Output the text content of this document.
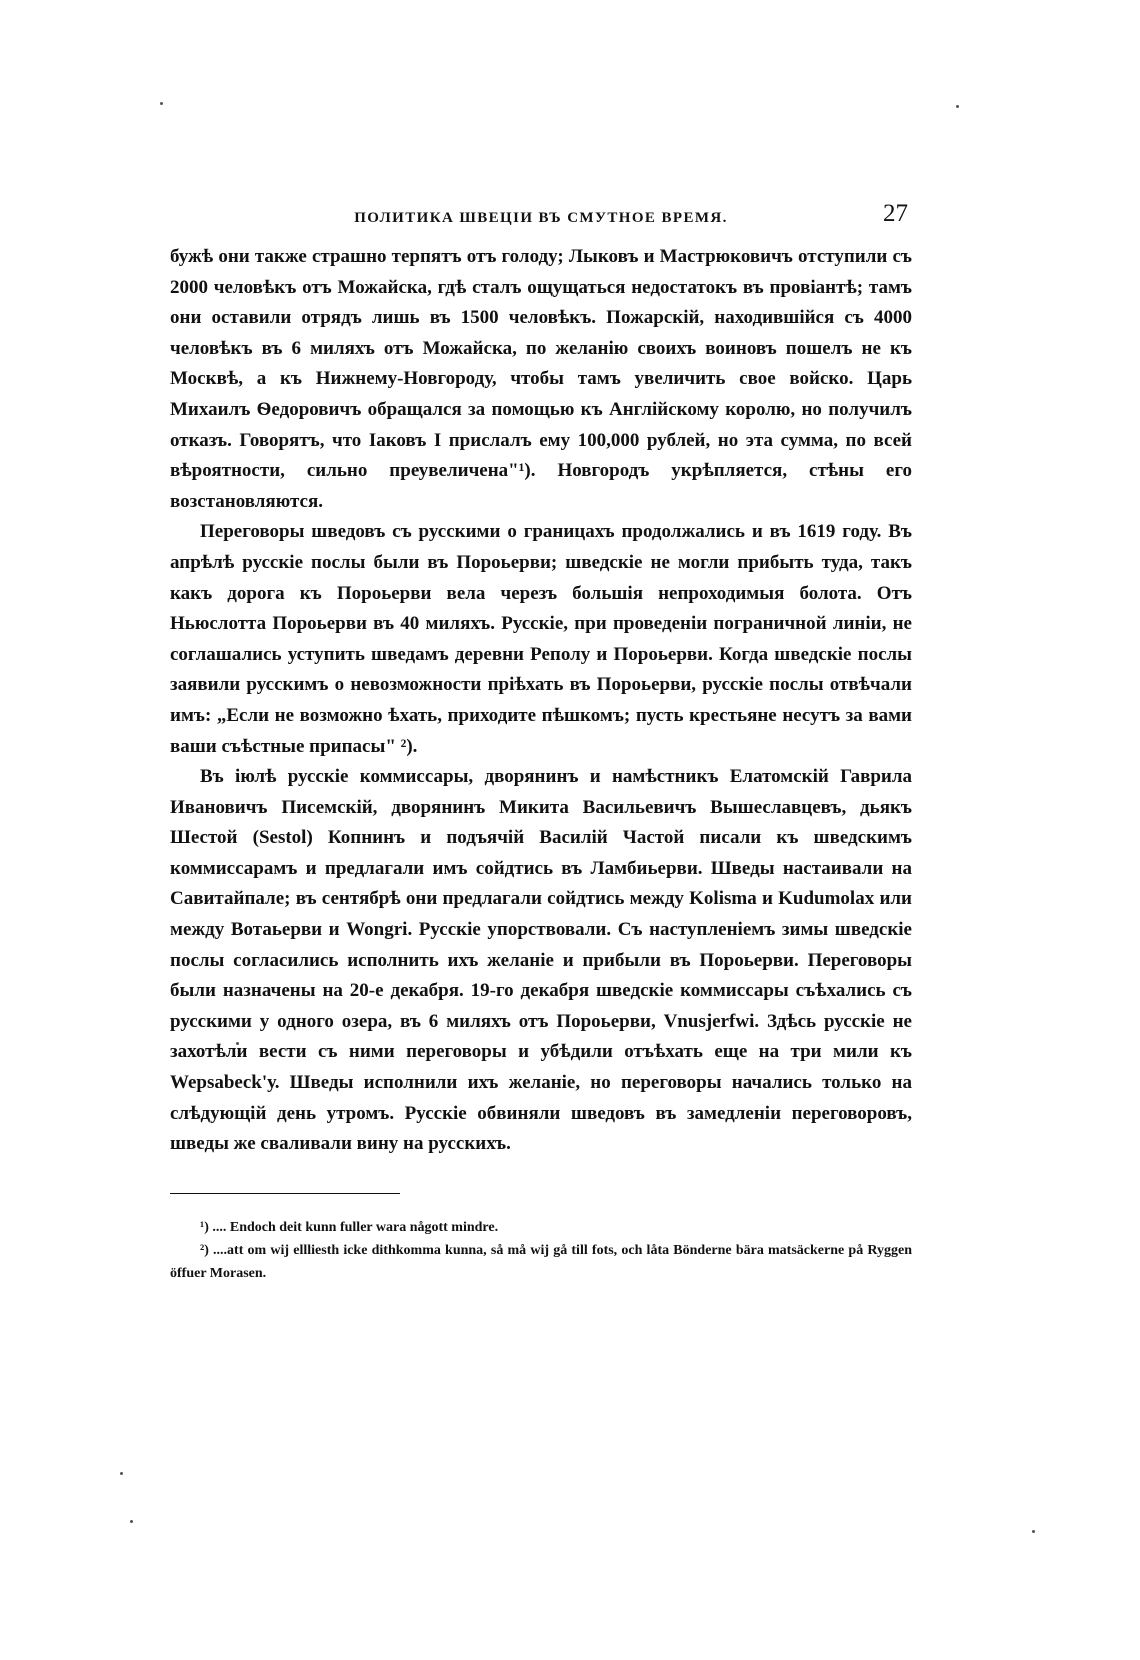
ПОЛИТИКА ШВЕЦІИ ВЪ СМУТНОЕ ВРЕМЯ.	27

бужѣ они также страшно терпятъ отъ голоду; Лыковъ и Мастрюковичъ отступили съ 2000 человѣкъ отъ Можайска, гдѣ сталъ ощущаться недостатокъ въ провіантѣ; тамъ они оставили отрядъ лишь въ 1500 человѣкъ. Пожарскій, находившійся съ 4000 человѣкъ въ 6 миляхъ отъ Можайска, по желанію своихъ воиновъ пошелъ не къ Москвѣ, а къ Нижнему-Новгороду, чтобы тамъ увеличить свое войско. Царь Михаилъ Ѳедоровичъ обращался за помощью къ Англійскому королю, но получилъ отказъ. Говорятъ, что Іаковъ I прислалъ ему 100,000 рублей, но эта сумма, по всей вѣроятности, сильно преувеличена"¹). Новгородъ укрѣпляется, стѣны его возстановляются.

Переговоры шведовъ съ русскими о границахъ продолжались и въ 1619 году. Въ апрѣлѣ русскіе послы были въ Пороьерви; шведскіе не могли прибыть туда, такъ какъ дорога къ Пороьерви вела черезъ большія непроходимыя болота. Отъ Ньюслотта Пороьерви въ 40 миляхъ. Русскіе, при проведеніи пограничной линіи, не соглашались уступить шведамъ деревни Реполу и Пороьерви. Когда шведскіе послы заявили русскимъ о невозможности пріѣхать въ Пороьерви, русскіе послы отвѣчали имъ: „Если не возможно ѣхать, приходите пѣшкомъ; пусть крестьяне несутъ за вами ваши съѣстные припасы" ²).

Въ іюлѣ русскіе коммиссары, дворянинъ и намѣстникъ Елатомскій Гаврила Ивановичъ Писемскій, дворянинъ Микита Васильевичъ Вышеславцевъ, дьякъ Шестой (Sestol) Копнинъ и подъячій Василій Частой писали къ шведскимъ коммиссарамъ и предлагали имъ сойдтись въ Ламбиьерви. Шведы настаивали на Савитайпале; въ сентябрѣ они предлагали сойдтись между Kolisma и Kudumolax или между Вотаьерви и Wongri. Русскіе упорствовали. Съ наступленіемъ зимы шведскіе послы согласились исполнить ихъ желаніе и прибыли въ Пороьерви. Переговоры были назначены на 20-е декабря. 19-го декабря шведскіе коммиссары съѣхались съ русскими у одного озера, въ 6 миляхъ отъ Пороьерви, Vnusjerfwi. Здѣсь русскіе не захотѣли вести съ ними переговоры и убѣдили отъѣхать еще на три мили къ Wepsabeck'у. Шведы исполнили ихъ желаніе, но переговоры начались только на слѣдующій день утромъ. Русскіе обвиняли шведовъ въ замедленіи переговоровъ, шведы же сваливали вину на русскихъ.

¹) .... Endoch deit kunn fuller wara någott mindre.

²) ....att om wij ellliesth icke dithkomma kunna, så må wij gå till fots, och låta Bönderne bära matsäckerne på Ryggen öffuer Morasen.
